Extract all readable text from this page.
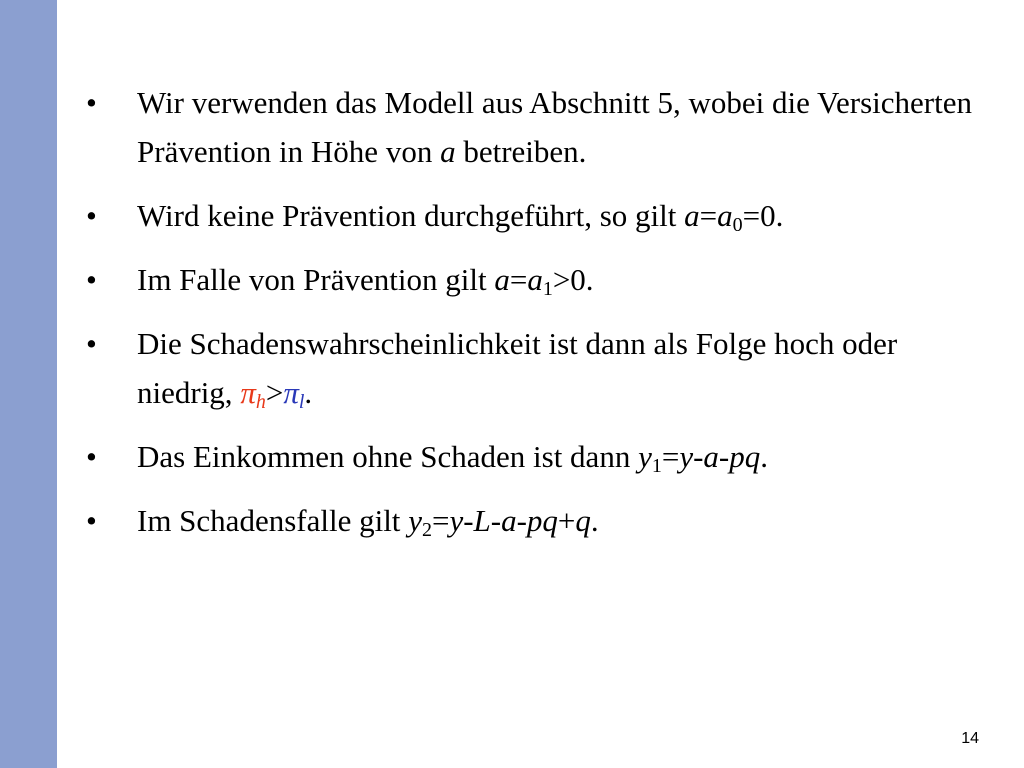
• Wir verwenden das Modell aus Abschnitt 5, wobei die Versicherten Prävention in Höhe von a betreiben.
• Wird keine Prävention durchgeführt, so gilt $a=a_0=0$.
• Im Falle von Prävention gilt $a=a_1>0$.
• Die Schadenswahrscheinlichkeit ist dann als Folge hoch oder niedrig, $\pi_h>\pi_l$.
• Das Einkommen ohne Schaden ist dann $y_1=y-a-pq$.
• Im Schadensfalle gilt $y_2=y-L-a-pq+q$.
14
